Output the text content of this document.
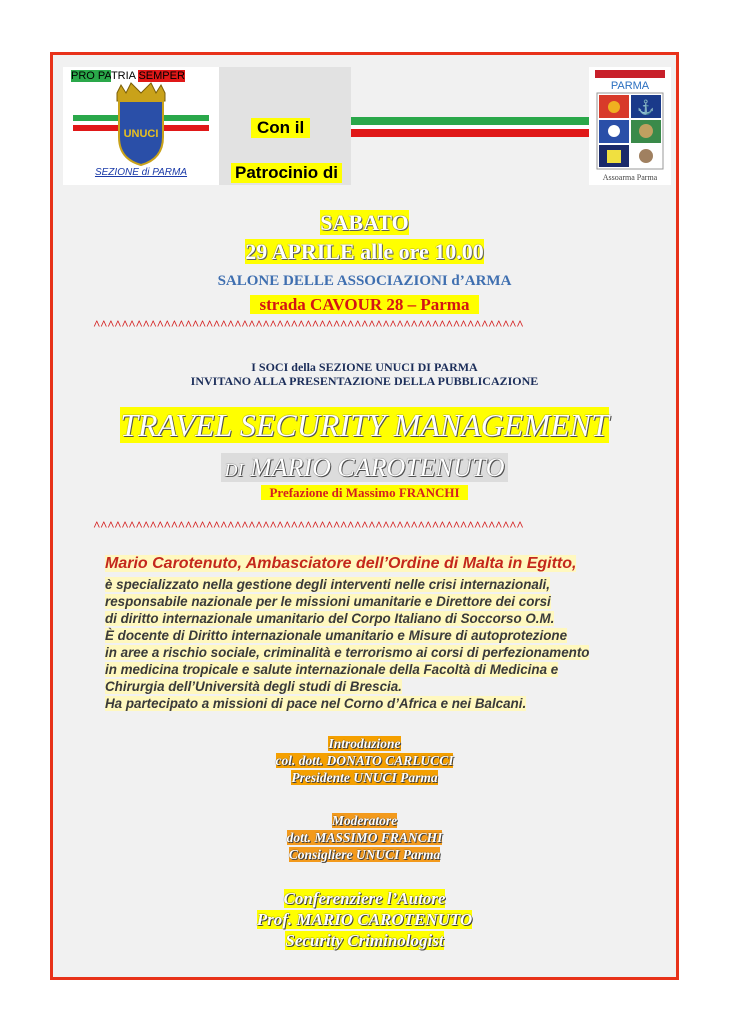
PRO PATRIA SEMPER
UNUCI
SEZIONE di PARMA
Con il
Patrocinio di
PARMA
⚓
Assoarma Parma
SABATO
29 APRILE alle ore 10.00
SALONE DELLE ASSOCIAZIONI d’ARMA
strada CAVOUR 28 – Parma
^^^^^^^^^^^^^^^^^^^^^^^^^^^^^^^^^^^^^^^^^^^^^^^^^^^^^^^^^^^^^
I SOCI della SEZIONE UNUCI DI PARMA
INVITANO ALLA PRESENTAZIONE DELLA PUBBLICAZIONE
TRAVEL SECURITY MANAGEMENT
DI MARIO CAROTENUTO
Prefazione di Massimo FRANCHI
^^^^^^^^^^^^^^^^^^^^^^^^^^^^^^^^^^^^^^^^^^^^^^^^^^^^^^^^^^^^^
Mario Carotenuto, Ambasciatore dell’Ordine di Malta in Egitto,
è specializzato nella gestione degli interventi nelle crisi internazionali,
responsabile nazionale per le missioni umanitarie e Direttore dei corsi
di diritto internazionale umanitario del Corpo Italiano di Soccorso O.M.
È docente di Diritto internazionale umanitario e Misure di autoprotezione
in aree a rischio sociale, criminalità e terrorismo ai corsi di perfezionamento
in medicina tropicale e salute internazionale della Facoltà di Medicina e
Chirurgia dell’Università degli studi di Brescia.
Ha partecipato a missioni di pace nel Corno d’Africa e nei Balcani.
Introduzione
col. dott. DONATO CARLUCCI
Presidente UNUCI Parma
Moderatore
dott. MASSIMO FRANCHI
Consigliere UNUCI Parma
Conferenziere l’Autore
Prof. MARIO CAROTENUTO
Security Criminologist
